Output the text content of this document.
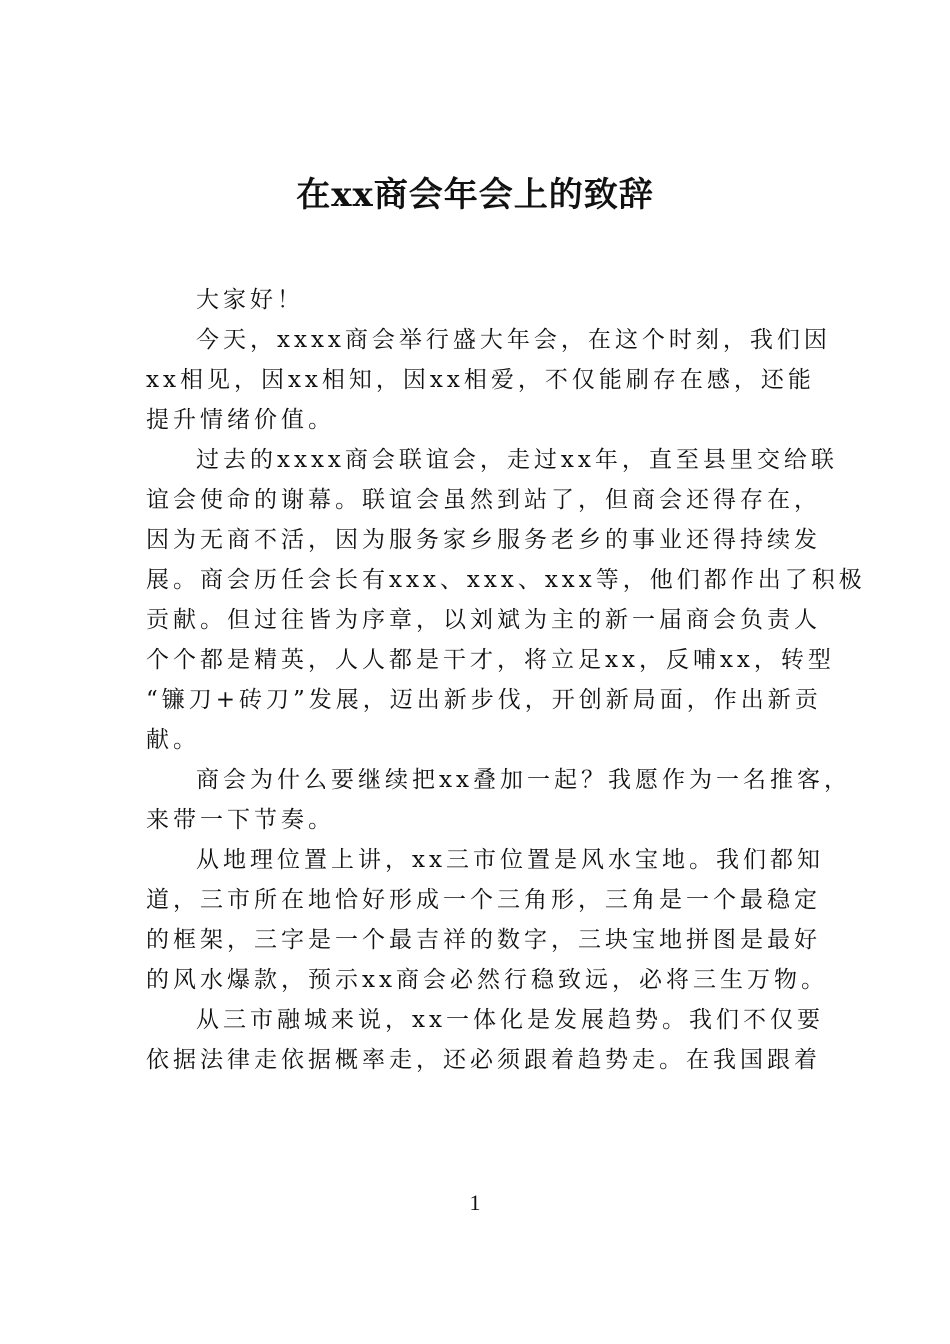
在xx商会年会上的致辞
大家好！
今天，xxxx商会举行盛大年会，在这个时刻，我们因
xx相见，因xx相知，因xx相爱，不仅能刷存在感，还能
提升情绪价值。
过去的xxxx商会联谊会，走过xx年，直至县里交给联
谊会使命的谢幕。联谊会虽然到站了，但商会还得存在，
因为无商不活，因为服务家乡服务老乡的事业还得持续发
展。商会历任会长有xxx、xxx、xxx等，他们都作出了积极
贡献。但过往皆为序章，以刘斌为主的新一届商会负责人
个个都是精英，人人都是干才，将立足xx，反哺xx，转型
“镰刀+砖刀”发展，迈出新步伐，开创新局面，作出新贡
献。
商会为什么要继续把xx叠加一起？我愿作为一名推客，
来带一下节奏。
从地理位置上讲，xx三市位置是风水宝地。我们都知
道，三市所在地恰好形成一个三角形，三角是一个最稳定
的框架，三字是一个最吉祥的数字，三块宝地拼图是最好
的风水爆款，预示xx商会必然行稳致远，必将三生万物。
从三市融城来说，xx一体化是发展趋势。我们不仅要
依据法律走依据概率走，还必须跟着趋势走。在我国跟着
1
